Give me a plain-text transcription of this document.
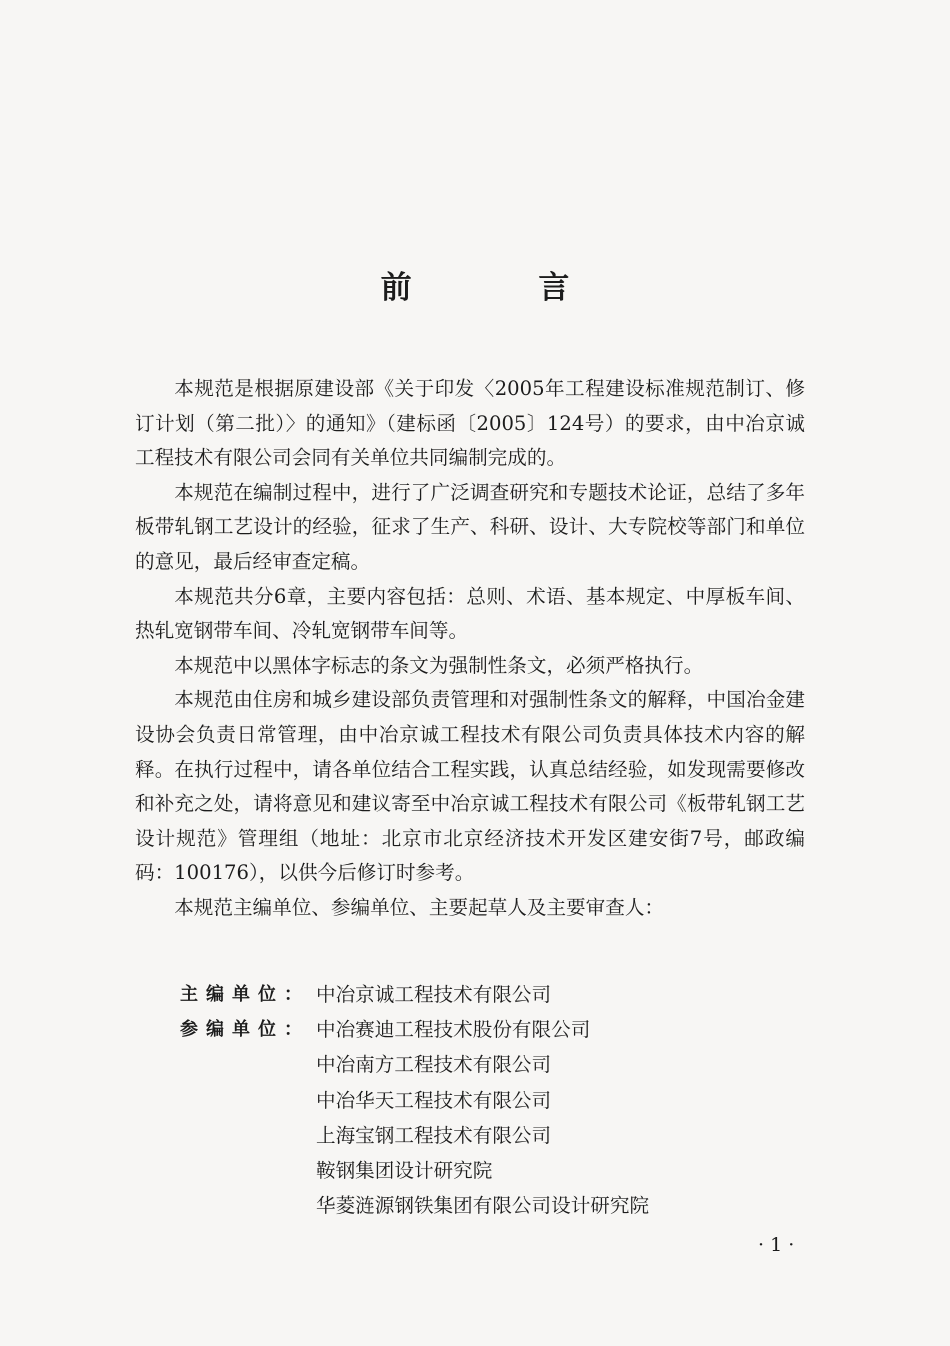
前 言

本规范是根据原建设部《关于印发〈2005年工程建设标准规范制订、修订计划（第二批）〉的通知》（建标函〔2005〕124号）的要求，由中冶京诚工程技术有限公司会同有关单位共同编制完成的。

本规范在编制过程中，进行了广泛调查研究和专题技术论证，总结了多年板带轧钢工艺设计的经验，征求了生产、科研、设计、大专院校等部门和单位的意见，最后经审查定稿。

本规范共分6章，主要内容包括：总则、术语、基本规定、中厚板车间、热轧宽钢带车间、冷轧宽钢带车间等。

本规范中以黑体字标志的条文为强制性条文，必须严格执行。

本规范由住房和城乡建设部负责管理和对强制性条文的解释，中国冶金建设协会负责日常管理，由中冶京诚工程技术有限公司负责具体技术内容的解释。在执行过程中，请各单位结合工程实践，认真总结经验，如发现需要修改和补充之处，请将意见和建议寄至中冶京诚工程技术有限公司《板带轧钢工艺设计规范》管理组（地址：北京市北京经济技术开发区建安街7号，邮政编码：100176），以供今后修订时参考。

本规范主编单位、参编单位、主要起草人及主要审查人：

主编单位： 中冶京诚工程技术有限公司
参编单位： 中冶赛迪工程技术股份有限公司
中冶南方工程技术有限公司
中冶华天工程技术有限公司
上海宝钢工程技术有限公司
鞍钢集团设计研究院
华菱涟源钢铁集团有限公司设计研究院
· 1 ·
